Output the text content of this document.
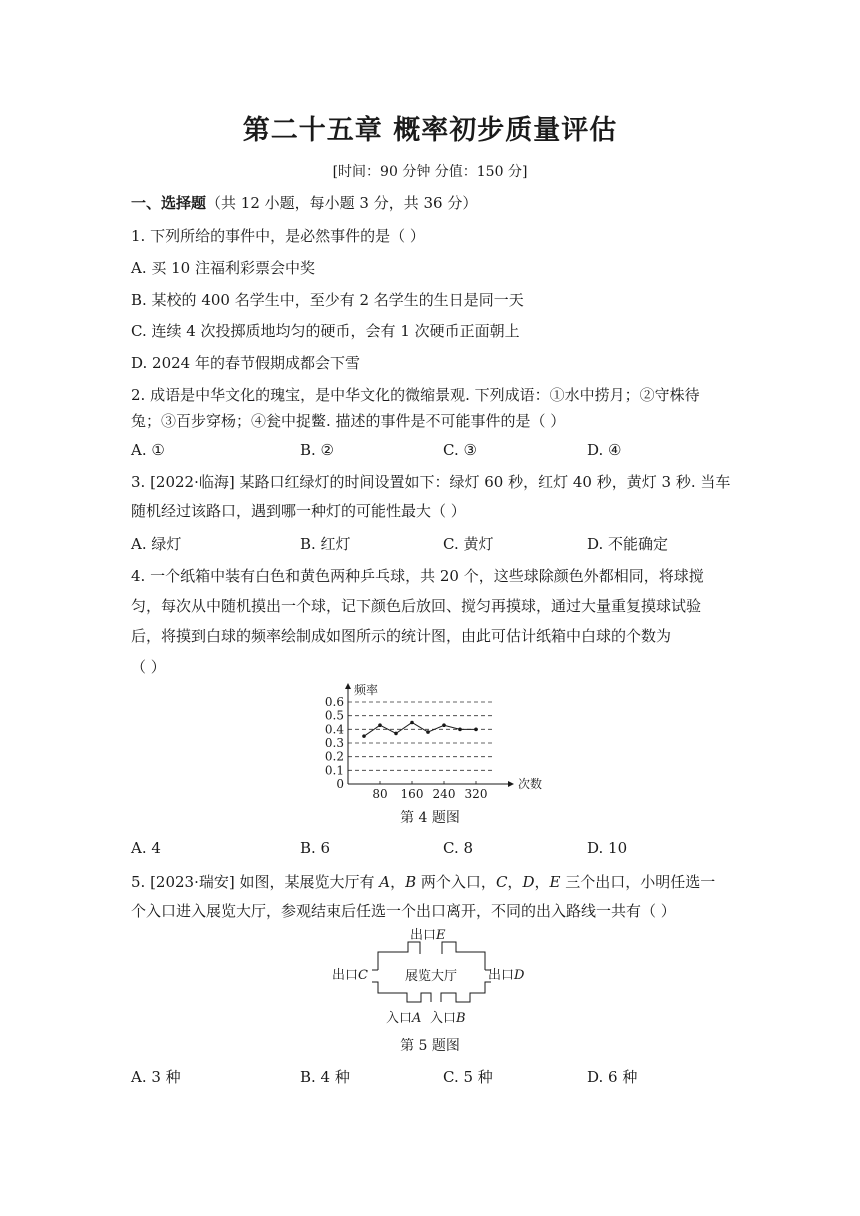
第二十五章 概率初步质量评估
[时间：90 分钟 分值：150 分]
一、选择题（共 12 小题，每小题 3 分，共 36 分）
1. 下列所给的事件中，是必然事件的是（ ）
A. 买 10 注福利彩票会中奖
B. 某校的 400 名学生中，至少有 2 名学生的生日是同一天
C. 连续 4 次投掷质地均匀的硬币，会有 1 次硬币正面朝上
D. 2024 年的春节假期成都会下雪
2. 成语是中华文化的瑰宝，是中华文化的微缩景观. 下列成语：①水中捞月；②守株待
兔；③百步穿杨；④瓮中捉鳖. 描述的事件是不可能事件的是（ ）
A. ①	B. ②	C. ③	D. ④
3. [2022·临海] 某路口红绿灯的时间设置如下：绿灯 60 秒，红灯 40 秒，黄灯 3 秒. 当车
随机经过该路口，遇到哪一种灯的可能性最大（ ）
A. 绿灯	B. 红灯	C. 黄灯	D. 不能确定
4. 一个纸箱中装有白色和黄色两种乒乓球，共 20 个，这些球除颜色外都相同，将球搅
匀，每次从中随机摸出一个球，记下颜色后放回、搅匀再摸球，通过大量重复摸球试验
后，将摸到白球的频率绘制成如图所示的统计图，由此可估计纸箱中白球的个数为
（ ）
0.6
0.5
0.4
0.3
0.2
0.1
0
80 160 240 320
频率
次数
第 4 题图
A. 4	B. 6	C. 8	D. 10
5. [2023·瑞安] 如图，某展览大厅有 A，B 两个入口，C，D，E 三个出口，小明任选一
个入口进入展览大厅，参观结束后任选一个出口离开，不同的出入路线一共有（ ）
出口E
出口C	出口D
展览大厅
入口A 入口B
第 5 题图
A. 3 种	B. 4 种	C. 5 种	D. 6 种
